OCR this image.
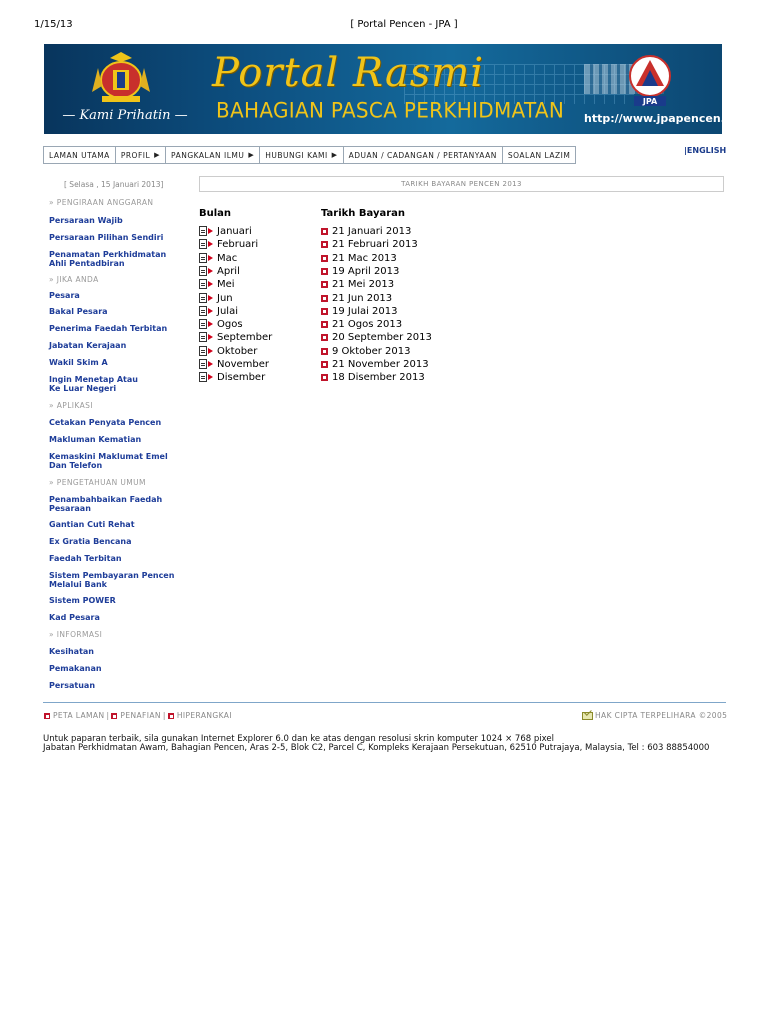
1/15/13	[ Portal Pencen - JPA ]
— Kami Prihatin —
Portal Rasmi
BAHAGIAN PASCA PERKHIDMATAN	JPA
http://www.jpapencen.gov.my
LAMAN UTAMA PROFIL ▶ PANGKALAN ILMU ▶ HUBUNGI KAMI ▶ ADUAN / CADANGAN / PERTANYAAN SOALAN LAZIM	|ENGLISH
[ Selasa , 15 Januari 2013]
» PENGIRAAN ANGGARAN
Persaraan Wajib
Persaraan Pilihan Sendiri
Penamatan Perkhidmatan
Ahli Pentadbiran
» JIKA ANDA
Pesara
Bakal Pesara
Penerima Faedah Terbitan
Jabatan Kerajaan
Wakil Skim A
Ingin Menetap Atau
Ke Luar Negeri
» APLIKASI
Cetakan Penyata Pencen
Makluman Kematian
Kemaskini Maklumat Emel
Dan Telefon
» PENGETAHUAN UMUM
Penambahbaikan Faedah
Pesaraan
Gantian Cuti Rehat
Ex Gratia Bencana
Faedah Terbitan
Sistem Pembayaran Pencen
Melalui Bank
Sistem POWER
Kad Pesara
» INFORMASI
Kesihatan
Pemakanan
Persatuan
TARIKH BAYARAN PENCEN 2013
Bulan	Tarikh Bayaran
Januari	21 Januari 2013
Februari	21 Februari 2013
Mac	21 Mac 2013
April	19 April 2013
Mei	21 Mei 2013
Jun	21 Jun 2013
Julai	19 Julai 2013
Ogos	21 Ogos 2013
September	20 September 2013
Oktober	9 Oktober 2013
November	21 November 2013
Disember	18 Disember 2013
PETA LAMAN | PENAFIAN | HIPERANGKAI	HAK CIPTA TERPELIHARA ©2005
Untuk paparan terbaik, sila gunakan Internet Explorer 6.0 dan ke atas dengan resolusi skrin komputer 1024 × 768 pixel
Jabatan Perkhidmatan Awam, Bahagian Pencen, Aras 2-5, Blok C2, Parcel C, Kompleks Kerajaan Persekutuan, 62510 Putrajaya, Malaysia, Tel : 603 88854000
